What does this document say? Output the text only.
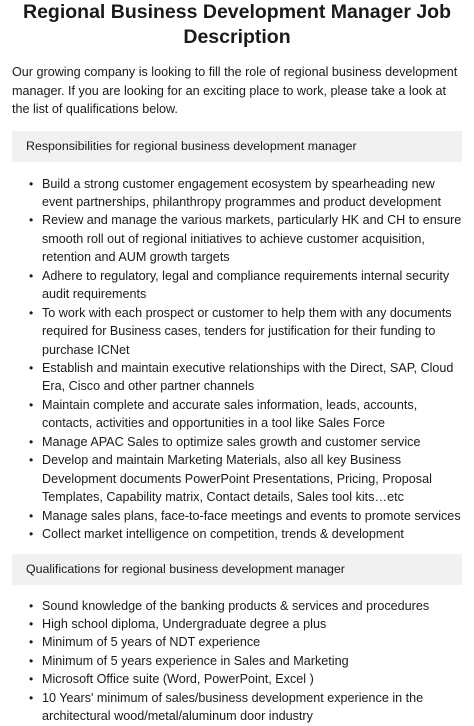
Regional Business Development Manager Job
Description

Our growing company is looking to fill the role of regional business development manager. If you are looking for an exciting place to work, please take a look at the list of qualifications below.

Responsibilities for regional business development manager
• Build a strong customer engagement ecosystem by spearheading new event partnerships, philanthropy programmes and product development
• Review and manage the various markets, particularly HK and CH to ensure smooth roll out of regional initiatives to achieve customer acquisition, retention and AUM growth targets
• Adhere to regulatory, legal and compliance requirements internal security audit requirements
• To work with each prospect or customer to help them with any documents required for Business cases, tenders for justification for their funding to purchase ICNet
• Establish and maintain executive relationships with the Direct, SAP, Cloud Era, Cisco and other partner channels
• Maintain complete and accurate sales information, leads, accounts, contacts, activities and opportunities in a tool like Sales Force
• Manage APAC Sales to optimize sales growth and customer service
• Develop and maintain Marketing Materials, also all key Business Development documents PowerPoint Presentations, Pricing, Proposal Templates, Capability matrix, Contact details, Sales tool kits…etc
• Manage sales plans, face-to-face meetings and events to promote services
• Collect market intelligence on competition, trends & development
Qualifications for regional business development manager
• Sound knowledge of the banking products & services and procedures
• High school diploma, Undergraduate degree a plus
• Minimum of 5 years of NDT experience
• Minimum of 5 years experience in Sales and Marketing
• Microsoft Office suite (Word, PowerPoint, Excel )
• 10 Years' minimum of sales/business development experience in the architectural wood/metal/aluminum door industry
